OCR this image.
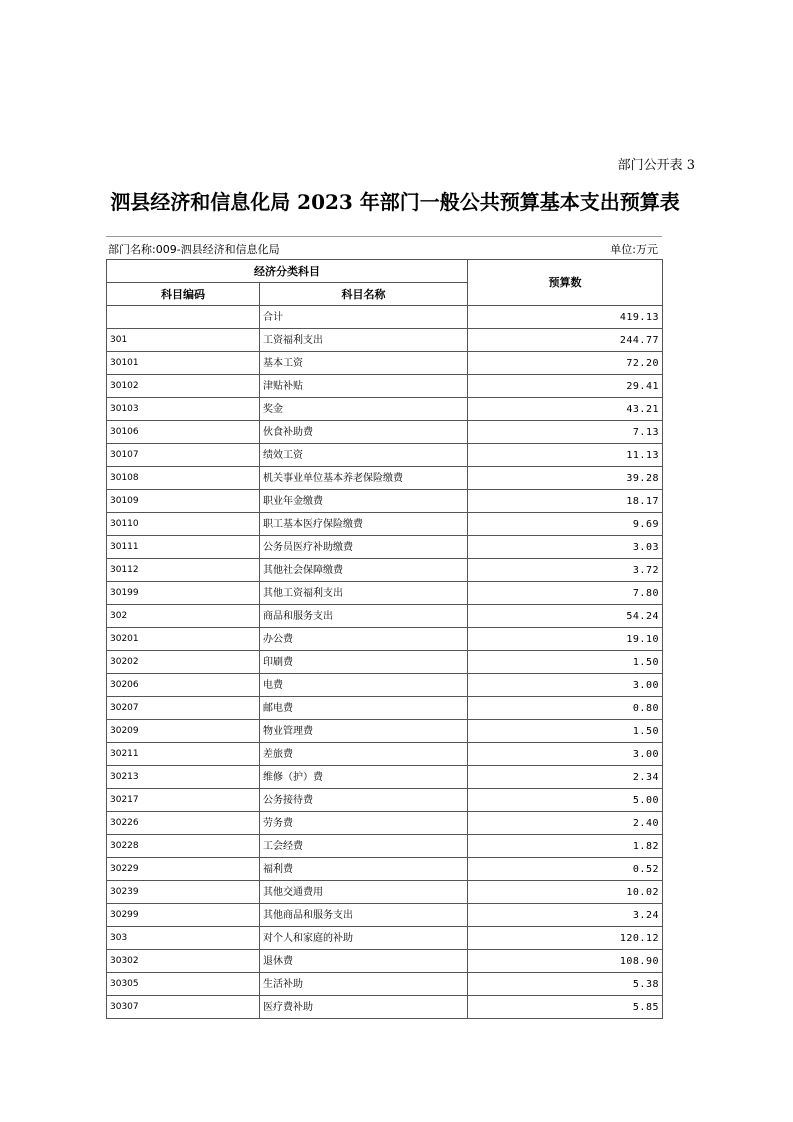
部门公开表 3
泗县经济和信息化局 2023 年部门一般公共预算基本支出预算表
部门名称:009-泗县经济和信息化局	单位:万元
经济分类科目		预算数
科目编码	科目名称	
	合计	419.13
301	工资福利支出	244.77
30101	基本工资	72.20
30102	津贴补贴	29.41
30103	奖金	43.21
30106	伙食补助费	7.13
30107	绩效工资	11.13
30108	机关事业单位基本养老保险缴费	39.28
30109	职业年金缴费	18.17
30110	职工基本医疗保险缴费	9.69
30111	公务员医疗补助缴费	3.03
30112	其他社会保障缴费	3.72
30199	其他工资福利支出	7.80
302	商品和服务支出	54.24
30201	办公费	19.10
30202	印刷费	1.50
30206	电费	3.00
30207	邮电费	0.80
30209	物业管理费	1.50
30211	差旅费	3.00
30213	维修（护）费	2.34
30217	公务接待费	5.00
30226	劳务费	2.40
30228	工会经费	1.82
30229	福利费	0.52
30239	其他交通费用	10.02
30299	其他商品和服务支出	3.24
303	对个人和家庭的补助	120.12
30302	退休费	108.90
30305	生活补助	5.38
30307	医疗费补助	5.85
